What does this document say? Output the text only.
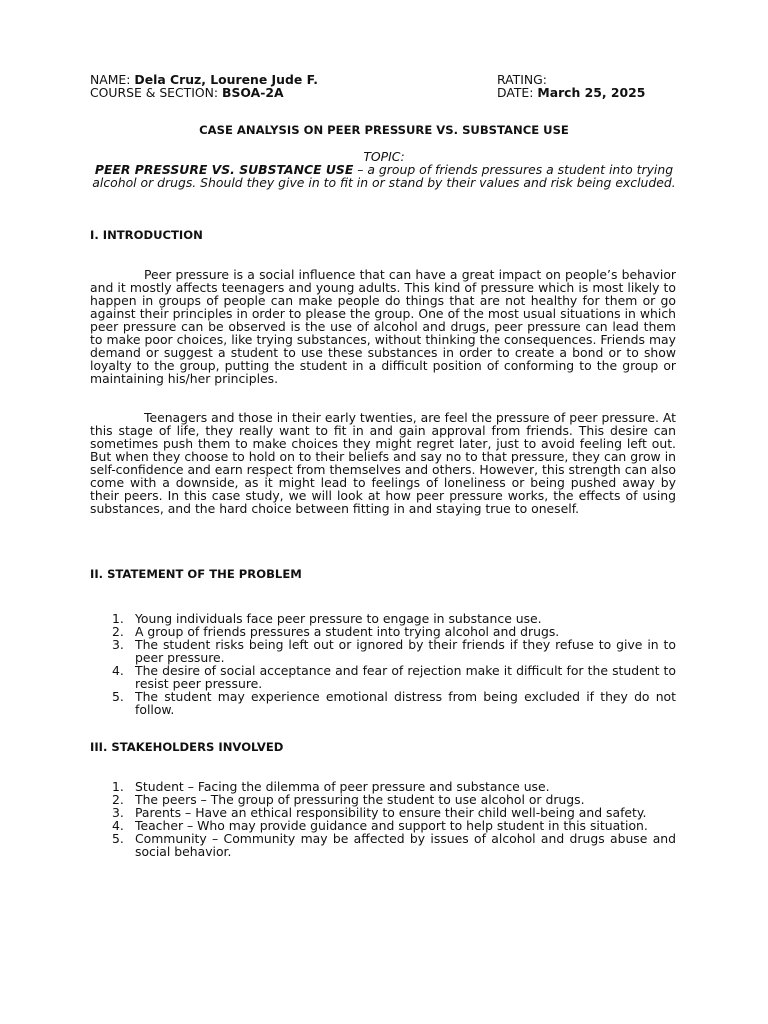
NAME: Dela Cruz, Lourene Jude F.
COURSE & SECTION: BSOA-2A
RATING:
DATE: March 25, 2025
CASE ANALYSIS ON PEER PRESSURE VS. SUBSTANCE USE
TOPIC:
PEER PRESSURE VS. SUBSTANCE USE – a group of friends pressures a student into trying alcohol or drugs. Should they give in to fit in or stand by their values and risk being excluded.
I. INTRODUCTION

Peer pressure is a social influence that can have a great impact on people’s behavior and it mostly affects teenagers and young adults. This kind of pressure which is most likely to happen in groups of people can make people do things that are not healthy for them or go against their principles in order to please the group. One of the most usual situations in which peer pressure can be observed is the use of alcohol and drugs, peer pressure can lead them to make poor choices, like trying substances, without thinking the consequences. Friends may demand or suggest a student to use these substances in order to create a bond or to show loyalty to the group, putting the student in a difficult position of conforming to the group or maintaining his/her principles.

Teenagers and those in their early twenties, are feel the pressure of peer pressure. At this stage of life, they really want to fit in and gain approval from friends. This desire can sometimes push them to make choices they might regret later, just to avoid feeling left out. But when they choose to hold on to their beliefs and say no to that pressure, they can grow in self-confidence and earn respect from themselves and others. However, this strength can also come with a downside, as it might lead to feelings of loneliness or being pushed away by their peers. In this case study, we will look at how peer pressure works, the effects of using substances, and the hard choice between fitting in and staying true to oneself.

II. STATEMENT OF THE PROBLEM
1. Young individuals face peer pressure to engage in substance use.
2. A group of friends pressures a student into trying alcohol and drugs.
3. The student risks being left out or ignored by their friends if they refuse to give in to peer pressure.
4. The desire of social acceptance and fear of rejection make it difficult for the student to resist peer pressure.
5. The student may experience emotional distress from being excluded if they do not follow.
III. STAKEHOLDERS INVOLVED
1. Student – Facing the dilemma of peer pressure and substance use.
2. The peers – The group of pressuring the student to use alcohol or drugs.
3. Parents – Have an ethical responsibility to ensure their child well-being and safety.
4. Teacher – Who may provide guidance and support to help student in this situation.
5. Community – Community may be affected by issues of alcohol and drugs abuse and social behavior.
